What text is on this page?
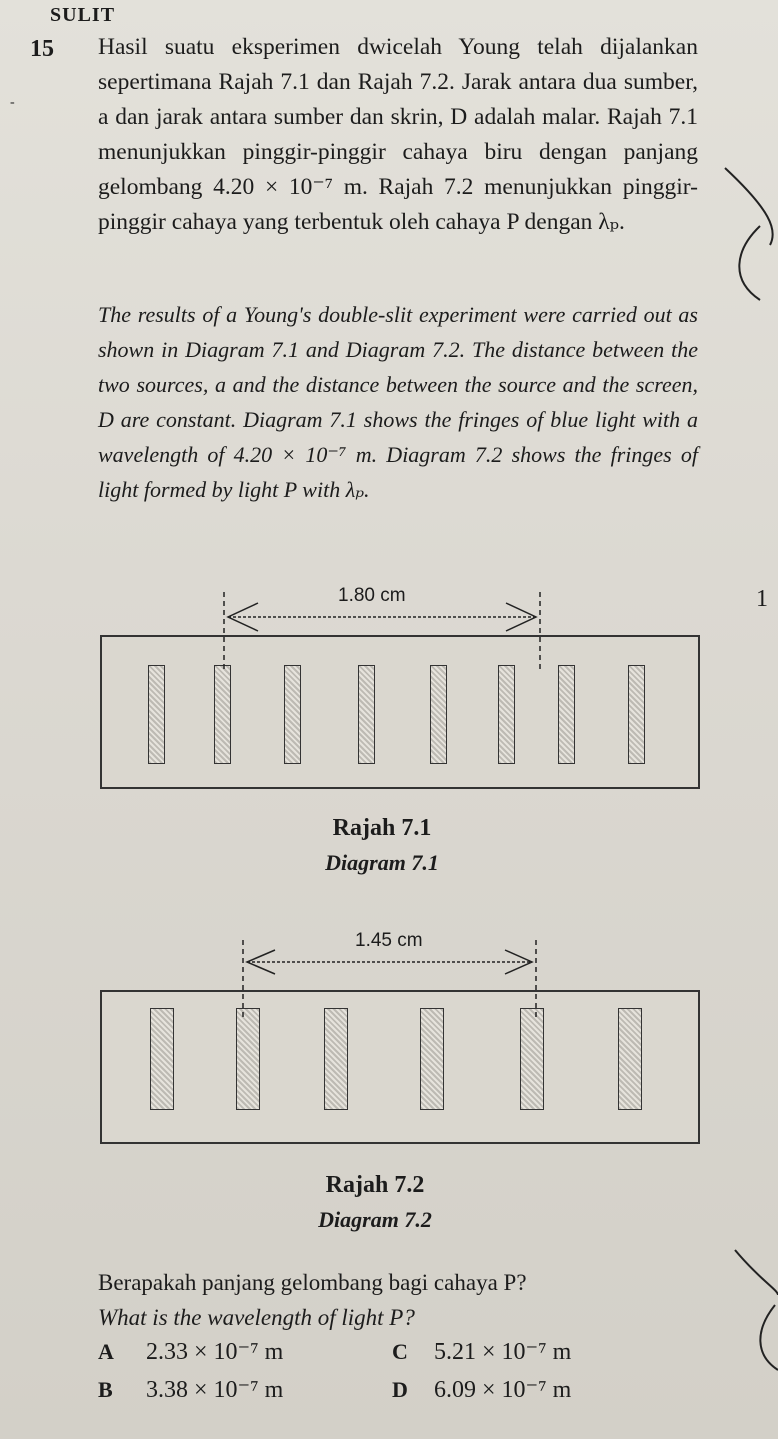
SULIT
-
15 Hasil suatu eksperimen dwicelah Young telah dijalankan sepertimana Rajah 7.1 dan Rajah 7.2. Jarak antara dua sumber, a dan jarak antara sumber dan skrin, D adalah malar. Rajah 7.1 menunjukkan pinggir-pinggir cahaya biru dengan panjang gelombang 4.20 × 10⁻⁷ m. Rajah 7.2 menunjukkan pinggir-pinggir cahaya yang terbentuk oleh cahaya P dengan λₚ.
The results of a Young's double-slit experiment were carried out as shown in Diagram 7.1 and Diagram 7.2. The distance between the two sources, a and the distance between the source and the screen, D are constant. Diagram 7.1 shows the fringes of blue light with a wavelength of 4.20 × 10⁻⁷ m. Diagram 7.2 shows the fringes of light formed by light P with λₚ.
1
1.80 cm
Rajah 7.1
Diagram 7.1
1.45 cm
Rajah 7.2
Diagram 7.2
Berapakah panjang gelombang bagi cahaya P?
What is the wavelength of light P?
A 2.33 × 10⁻⁷ m
B 3.38 × 10⁻⁷ m
C 5.21 × 10⁻⁷ m
D 6.09 × 10⁻⁷ m
